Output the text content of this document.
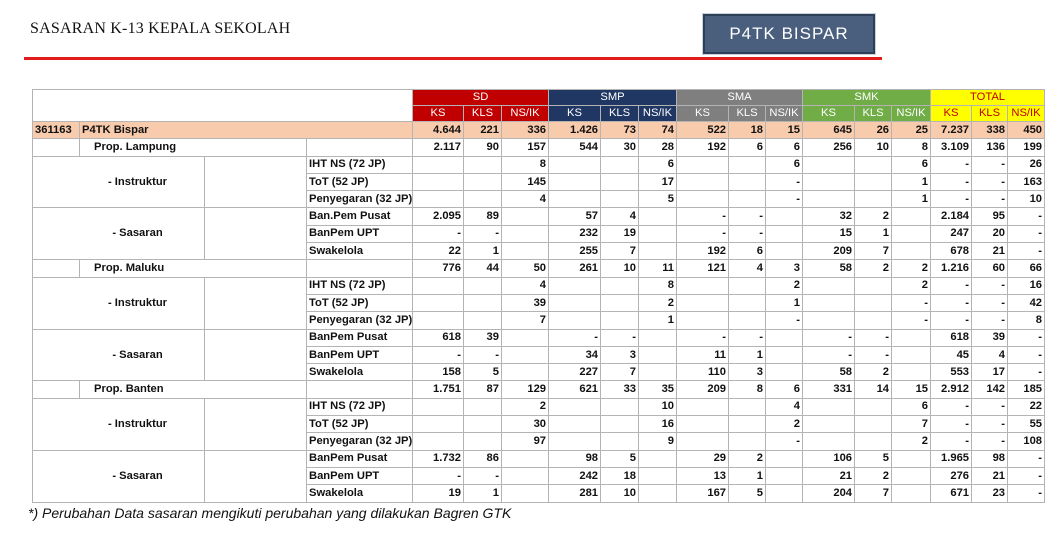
SASARAN K-13 KEPALA SEKOLAH	P4TK BISPAR
				SD			SMP			SMA			SMK			TOTAL		
				KS	KLS	NS/IK	KS	KLS	NS/IK	KS	KLS	NS/IK	KS	KLS	NS/IK	KS	KLS	NS/IK
361163	P4TK Bispar			4.644	221	336	1.426	73	74	522	18	15	645	26	25	7.237	338	450
	Prop. Lampung			2.117	90	157	544	30	28	192	6	6	256	10	8	3.109	136	199
- Instruktur			IHT NS (72 JP)			8			6			6			6	-	-	26
			ToT (52 JP)			145			17			-			1	-	-	163
			Penyegaran (32 JP)			4			5			-			1	-	-	10
- Sasaran			Ban.Pem Pusat	2.095	89		57	4		-	-		32	2		2.184	95	-
			BanPem UPT	-	-		232	19		-	-		15	1		247	20	-
			Swakelola	22	1		255	7		192	6		209	7		678	21	-
	Prop. Maluku			776	44	50	261	10	11	121	4	3	58	2	2	1.216	60	66
- Instruktur			IHT NS (72 JP)			4			8			2			2	-	-	16
			ToT (52 JP)			39			2			1			-	-	-	42
			Penyegaran (32 JP)			7			1			-			-	-	-	8
- Sasaran			BanPem Pusat	618	39		-	-		-	-		-	-		618	39	-
			BanPem UPT	-	-		34	3		11	1		-	-		45	4	-
			Swakelola	158	5		227	7		110	3		58	2		553	17	-
	Prop. Banten			1.751	87	129	621	33	35	209	8	6	331	14	15	2.912	142	185
- Instruktur			IHT NS (72 JP)			2			10			4			6	-	-	22
			ToT (52 JP)			30			16			2			7	-	-	55
			Penyegaran (32 JP)			97			9			-			2	-	-	108
- Sasaran			BanPem Pusat	1.732	86		98	5		29	2		106	5		1.965	98	-
			BanPem UPT	-	-		242	18		13	1		21	2		276	21	-
			Swakelola	19	1		281	10		167	5		204	7		671	23	-
*) Perubahan Data sasaran mengikuti perubahan yang dilakukan Bagren GTK
